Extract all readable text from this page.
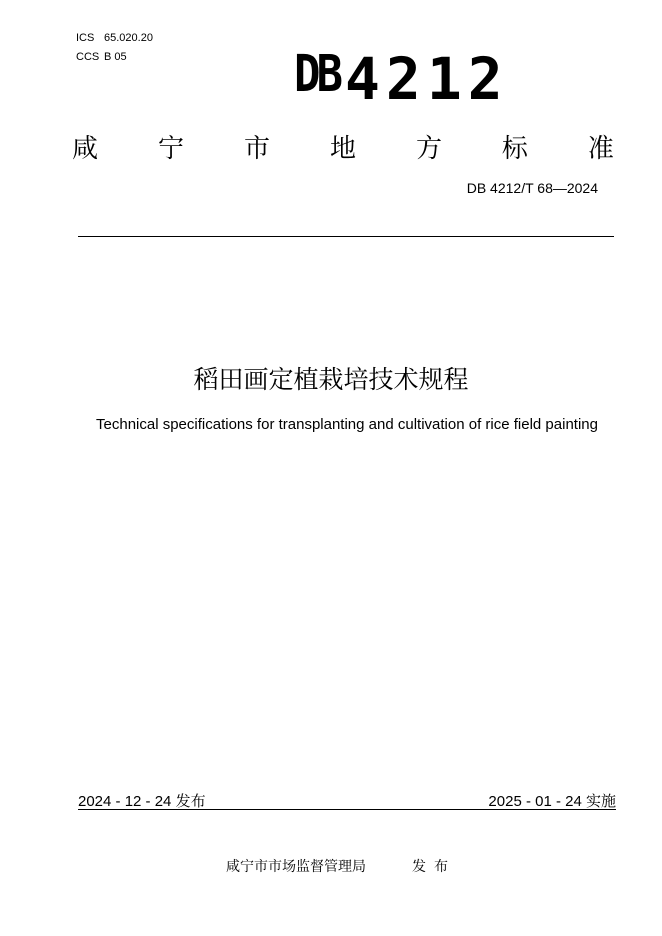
ICS 65.020.20
CCS B 05	DB 4212
咸 宁 市 地 方 标 准
DB 4212/T 68—2024
稻田画定植栽培技术规程
Technical specifications for transplanting and cultivation of rice field painting
2024 - 12 - 24 发布	2025 - 01 - 24 实施
咸宁市市场监督管理局	发布
